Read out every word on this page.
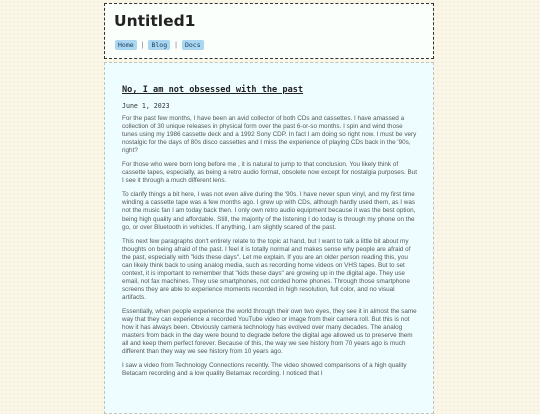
Untitled1
Home	|	Blog	|	Docs
No, I am not obsessed with the past
June 1, 2023

For the past few months, I have been an avid collector of both CDs and cassettes. I have amassed a collection of 30 unique releases in physical form over the past 6-or-so months. I spin and wind those tunes using my 1986 cassette deck and a 1992 Sony CDP. In fact I am doing so right now. I must be very nostalgic for the days of 80s disco cassettes and I miss the experience of playing CDs back in the '90s, right?

For those who were born long before me , it is natural to jump to that conclusion. You likely think of cassette tapes, especially, as being a retro audio format, obsolete now except for nostalgia purposes. But I see it through a much different lens.

To clarify things a bit here, I was not even alive during the '90s. I have never spun vinyl, and my first time winding a cassette tape was a few months ago. I grew up with CDs, although hardly used them, as I was not the music fan I am today back then. I only own retro audio equipment because it was the best option, being high quality and affordable. Still, the majority of the listening I do today is through my phone on the go, or over Bluetooth in vehicles. If anything, I am slightly scared of the past.

This next few paragraphs don't entirely relate to the topic at hand, but I want to talk a little bit about my thoughts on being afraid of the past. I feel it is totally normal and makes sense why people are afraid of the past, especially with "kids these days". Let me explain. If you are an older person reading this, you can likely think back to using analog media, such as recording home videos on VHS tapes. But to set context, it is important to remember that "kids these days" are growing up in the digital age. They use email, not fax machines. They use smartphones, not corded home phones. Through those smartphone screens they are able to experience moments recorded in high resolution, full color, and no visual artifacts.

Essentially, when people experience the world through their own two eyes, they see it in almost the same way that they can experience a recorded YouTube video or image from their camera roll. But this is not how it has always been. Obviously camera technology has evolved over many decades. The analog masters from back in the day were bound to degrade before the digital age allowed us to preserve them all and keep them perfect forever. Because of this, the way we see history from 70 years ago is much different than they way we see history from 10 years ago.

I saw a video from Technology Connections recently. The video showed comparisons of a high quality Betacam recording and a low quality Betamax recording. I noticed that I
